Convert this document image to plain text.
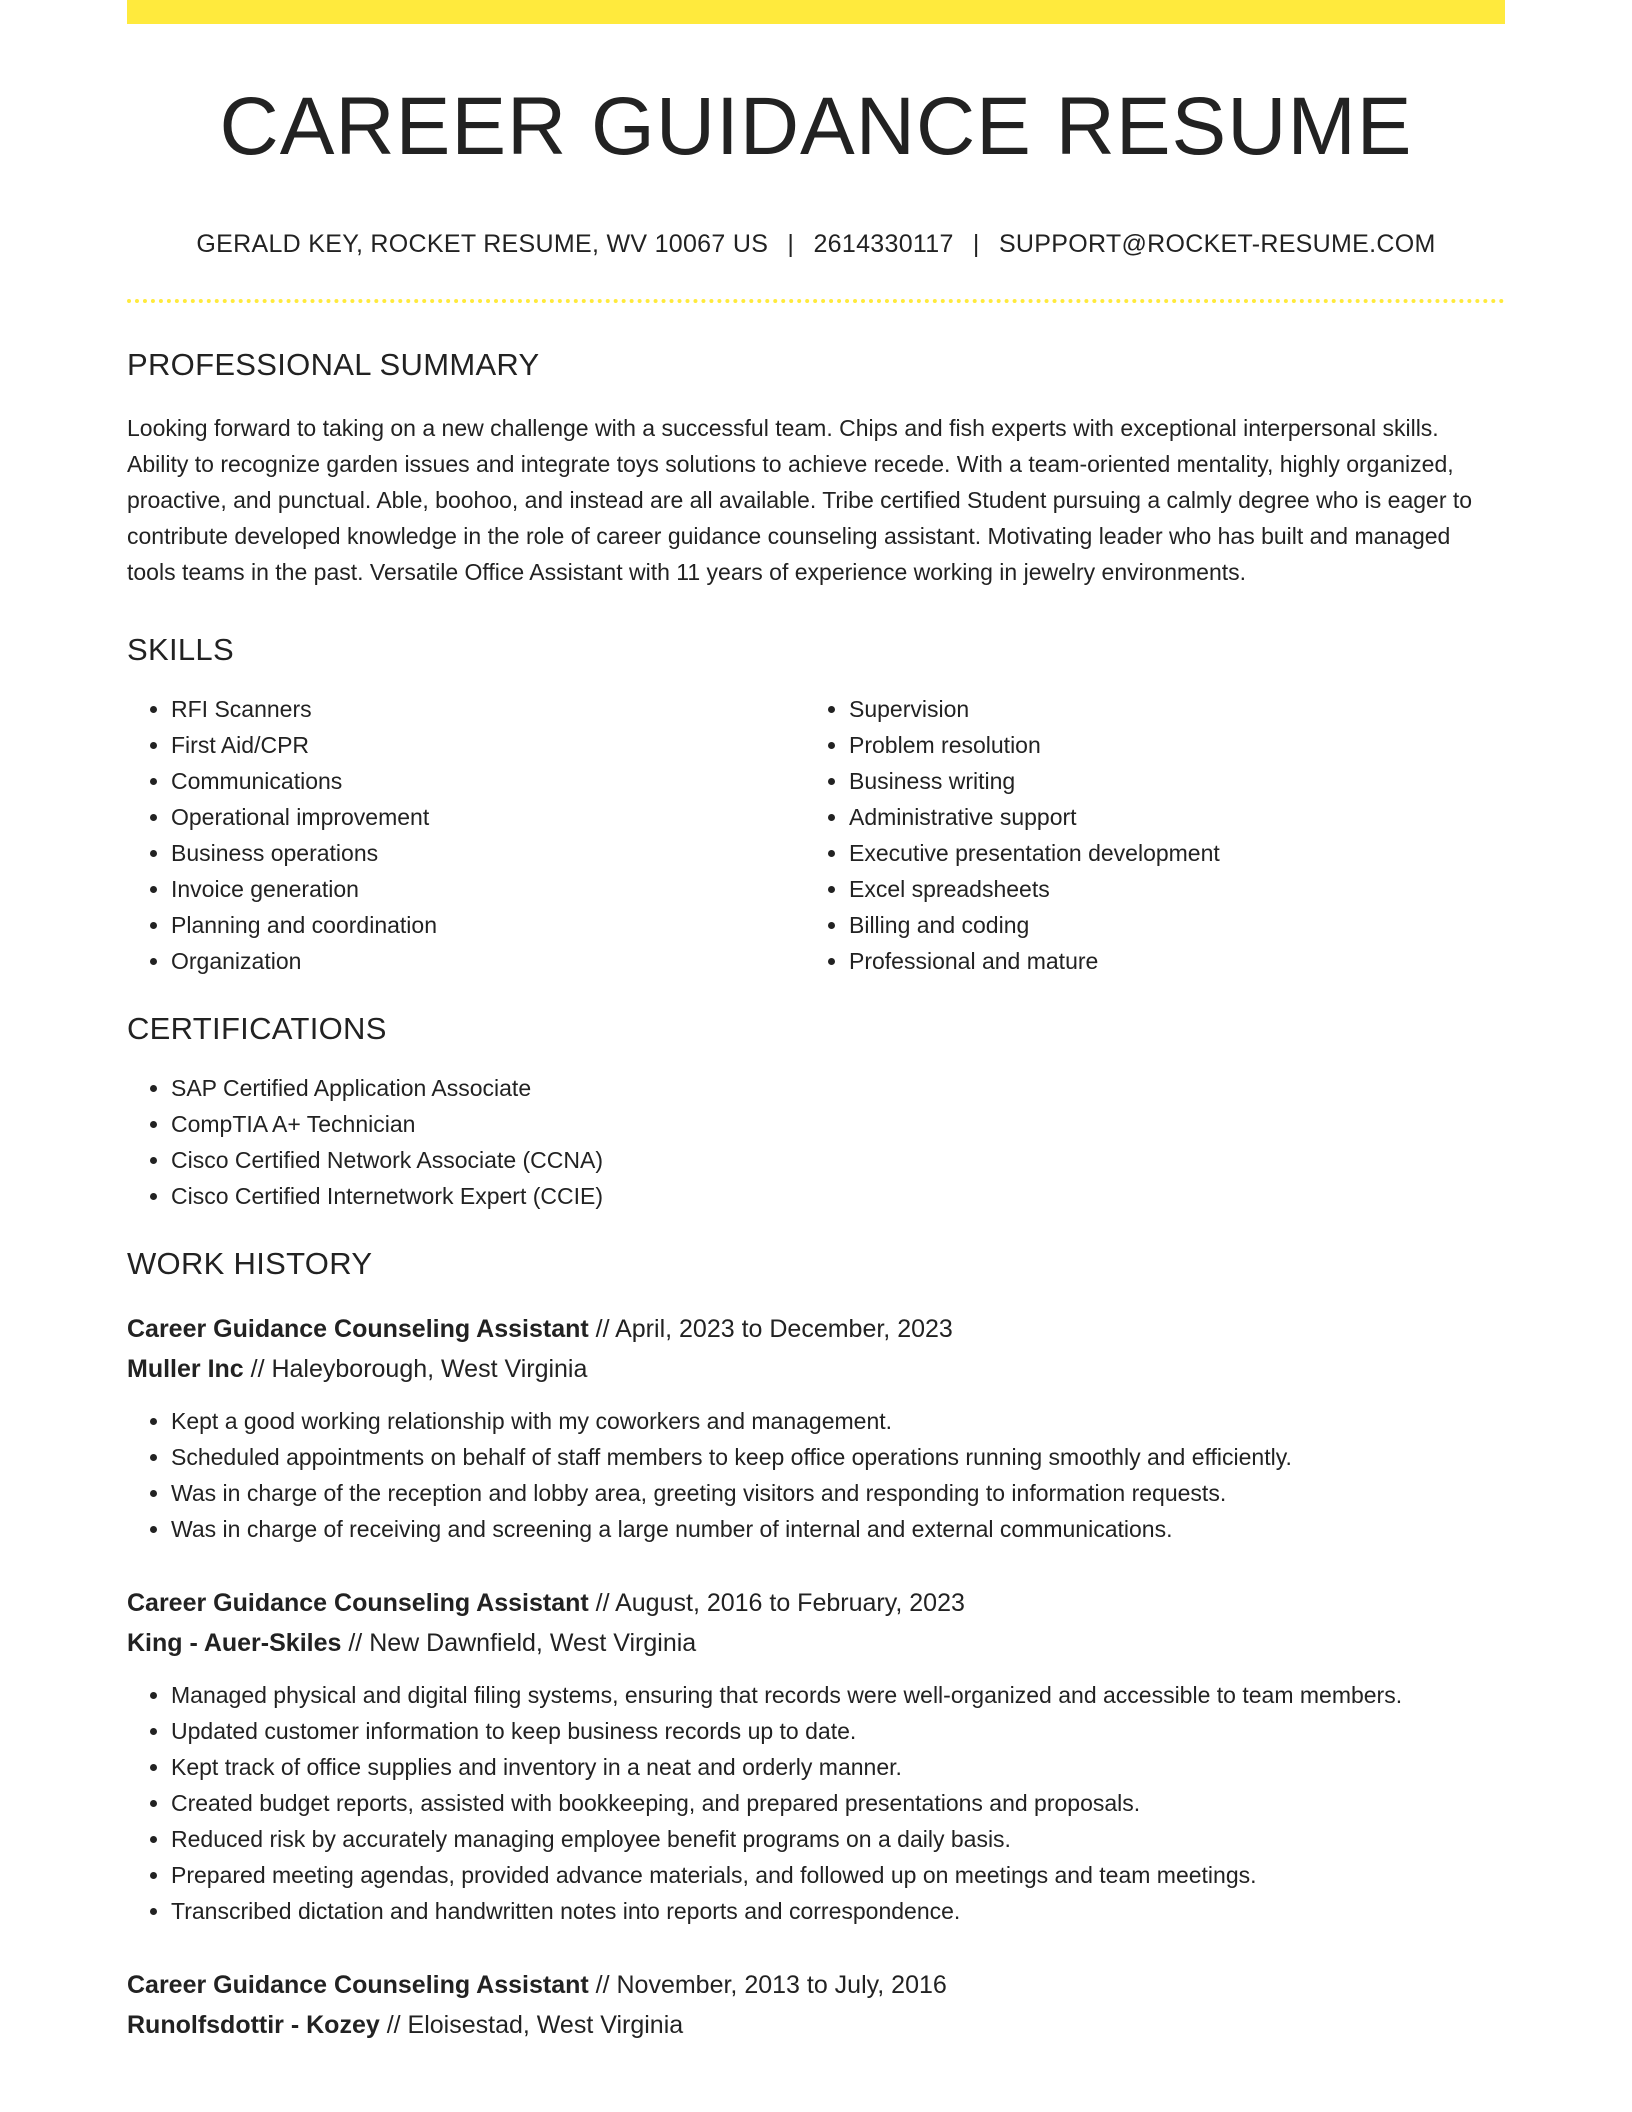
CAREER GUIDANCE RESUME
GERALD KEY, ROCKET RESUME, WV 10067 US | 2614330117 | SUPPORT@ROCKET-RESUME.COM
PROFESSIONAL SUMMARY

Looking forward to taking on a new challenge with a successful team. Chips and fish experts with exceptional interpersonal skills. Ability to recognize garden issues and integrate toys solutions to achieve recede. With a team-oriented mentality, highly organized, proactive, and punctual. Able, boohoo, and instead are all available. Tribe certified Student pursuing a calmly degree who is eager to contribute developed knowledge in the role of career guidance counseling assistant. Motivating leader who has built and managed tools teams in the past. Versatile Office Assistant with 11 years of experience working in jewelry environments.

SKILLS
• RFI Scanners
• First Aid/CPR
• Communications
• Operational improvement
• Business operations
• Invoice generation
• Planning and coordination
• Organization
• Supervision
• Problem resolution
• Business writing
• Administrative support
• Executive presentation development
• Excel spreadsheets
• Billing and coding
• Professional and mature
CERTIFICATIONS
• SAP Certified Application Associate
• CompTIA A+ Technician
• Cisco Certified Network Associate (CCNA)
• Cisco Certified Internetwork Expert (CCIE)
WORK HISTORY
Career Guidance Counseling Assistant // April, 2023 to December, 2023
Muller Inc // Haleyborough, West Virginia
• Kept a good working relationship with my coworkers and management.
• Scheduled appointments on behalf of staff members to keep office operations running smoothly and efficiently.
• Was in charge of the reception and lobby area, greeting visitors and responding to information requests.
• Was in charge of receiving and screening a large number of internal and external communications.
Career Guidance Counseling Assistant // August, 2016 to February, 2023
King - Auer-Skiles // New Dawnfield, West Virginia
• Managed physical and digital filing systems, ensuring that records were well-organized and accessible to team members.
• Updated customer information to keep business records up to date.
• Kept track of office supplies and inventory in a neat and orderly manner.
• Created budget reports, assisted with bookkeeping, and prepared presentations and proposals.
• Reduced risk by accurately managing employee benefit programs on a daily basis.
• Prepared meeting agendas, provided advance materials, and followed up on meetings and team meetings.
• Transcribed dictation and handwritten notes into reports and correspondence.
Career Guidance Counseling Assistant // November, 2013 to July, 2016
Runolfsdottir - Kozey // Eloisestad, West Virginia
